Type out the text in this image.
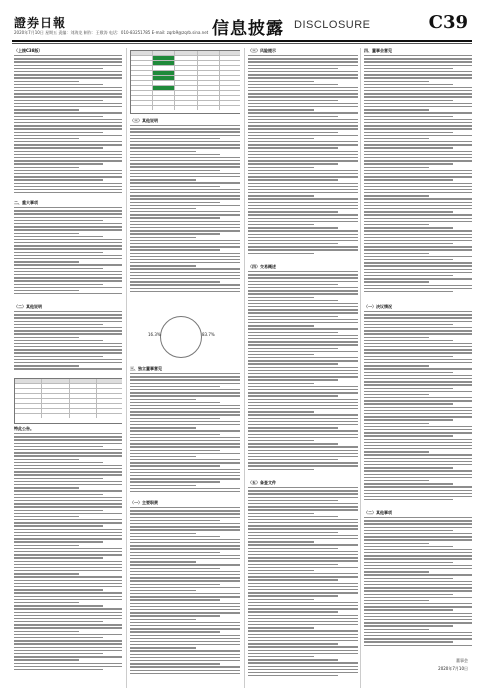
證券日報
2020年7月10日 星期五 责编：刘海龙 制作：王敬涛 电话：010-83251785 E-mail: zqrb9@zqrb.sina.net 信息披露 DISCLOSURE	C39
（上接C38版）
二、重大事项
（二）其他说明
特此公告。
（三）其他说明
16.3%	83.7%
三、独立董事意见
（一）主要职责
（三）风险提示
（四）交易概述
（五）备查文件
四、董事会意见
（一）决议情况
（二）其他事项
董事会
2020年7月10日
